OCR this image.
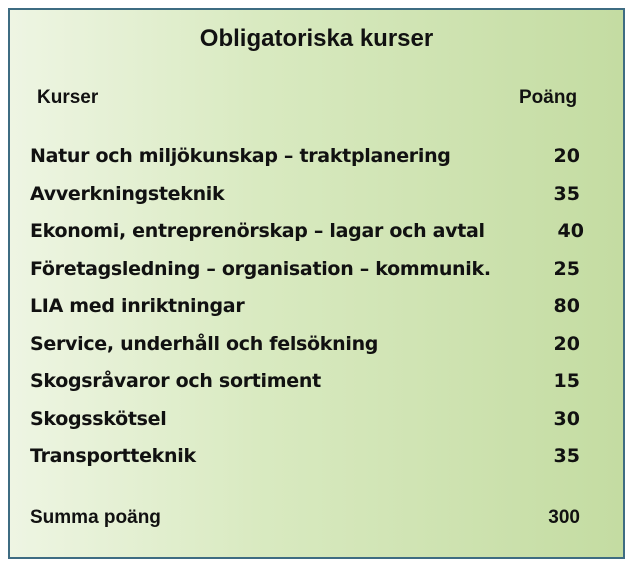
Obligatoriska kurser
Kurser	Poäng
Natur och miljökunskap – traktplanering	20
Avverkningsteknik	35
Ekonomi, entreprenörskap – lagar och avtal	40
Företagsledning – organisation – kommunik.	25
LIA med inriktningar	80
Service, underhåll och felsökning	20
Skogsråvaror och sortiment	15
Skogsskötsel	30
Transportteknik	35
Summa poäng	300
